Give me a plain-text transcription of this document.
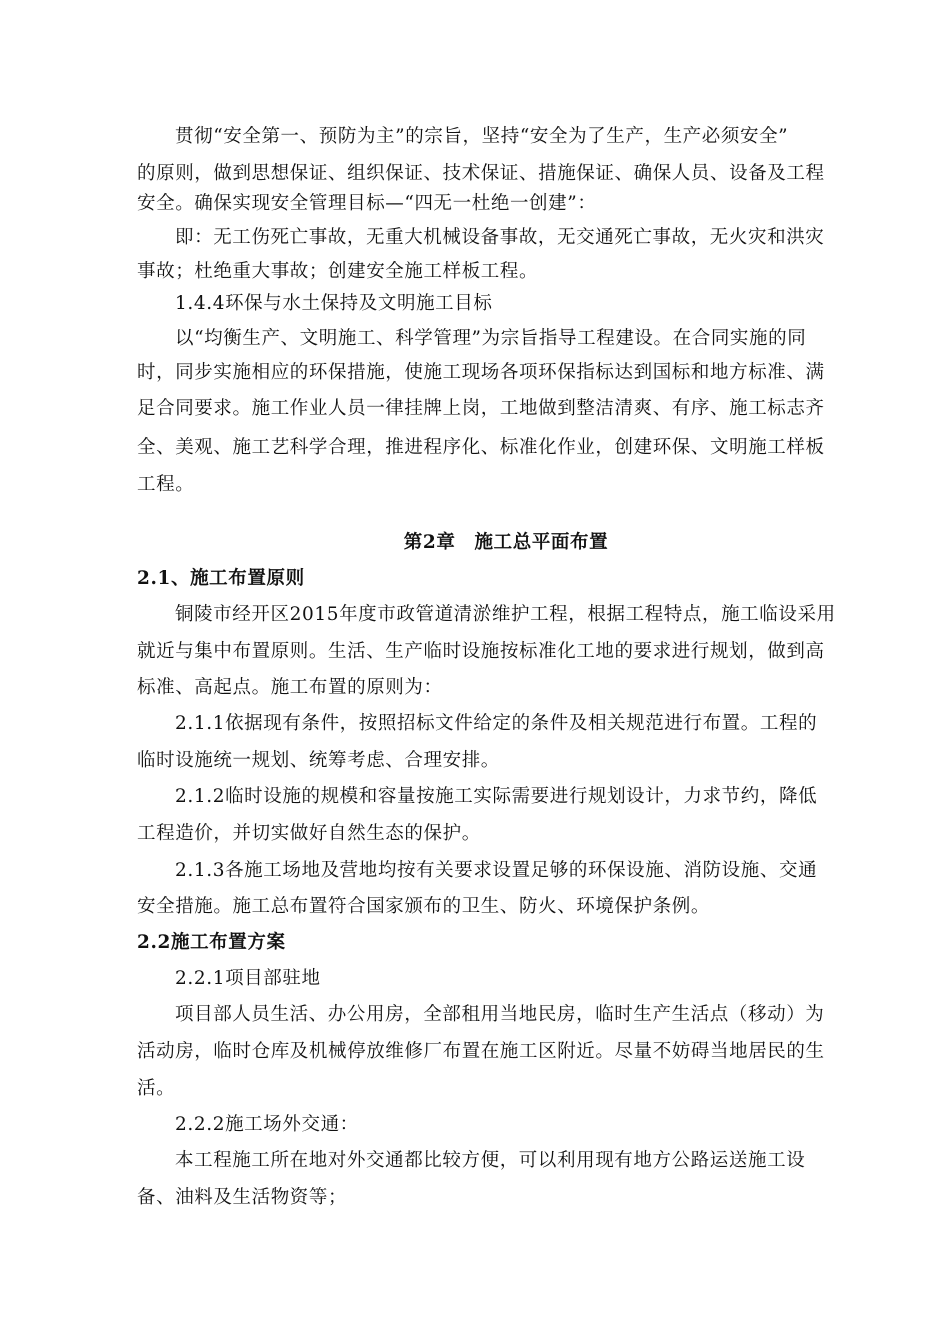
贯彻“安全第一、预防为主”的宗旨，坚持“安全为了生产，生产必须安全”
的原则，做到思想保证、组织保证、技术保证、措施保证、确保人员、设备及工程
安全。确保实现安全管理目标—“四无一杜绝一创建”：
即：无工伤死亡事故，无重大机械设备事故，无交通死亡事故，无火灾和洪灾
事故；杜绝重大事故；创建安全施工样板工程。
1.4.4环保与水土保持及文明施工目标
以“均衡生产、文明施工、科学管理”为宗旨指导工程建设。在合同实施的同
时，同步实施相应的环保措施，使施工现场各项环保指标达到国标和地方标准、满
足合同要求。施工作业人员一律挂牌上岗，工地做到整洁清爽、有序、施工标志齐
全、美观、施工艺科学合理，推进程序化、标准化作业，创建环保、文明施工样板
工程。
第2章　施工总平面布置
2.1、施工布置原则
铜陵市经开区2015年度市政管道清淤维护工程，根据工程特点，施工临设采用
就近与集中布置原则。生活、生产临时设施按标准化工地的要求进行规划，做到高
标准、高起点。施工布置的原则为：
2.1.1依据现有条件，按照招标文件给定的条件及相关规范进行布置。工程的
临时设施统一规划、统筹考虑、合理安排。
2.1.2临时设施的规模和容量按施工实际需要进行规划设计，力求节约，降低
工程造价，并切实做好自然生态的保护。
2.1.3各施工场地及营地均按有关要求设置足够的环保设施、消防设施、交通
安全措施。施工总布置符合国家颁布的卫生、防火、环境保护条例。
2.2施工布置方案
2.2.1项目部驻地
项目部人员生活、办公用房，全部租用当地民房，临时生产生活点（移动）为
活动房，临时仓库及机械停放维修厂布置在施工区附近。尽量不妨碍当地居民的生
活。
2.2.2施工场外交通：
本工程施工所在地对外交通都比较方便，可以利用现有地方公路运送施工设
备、油料及生活物资等；
